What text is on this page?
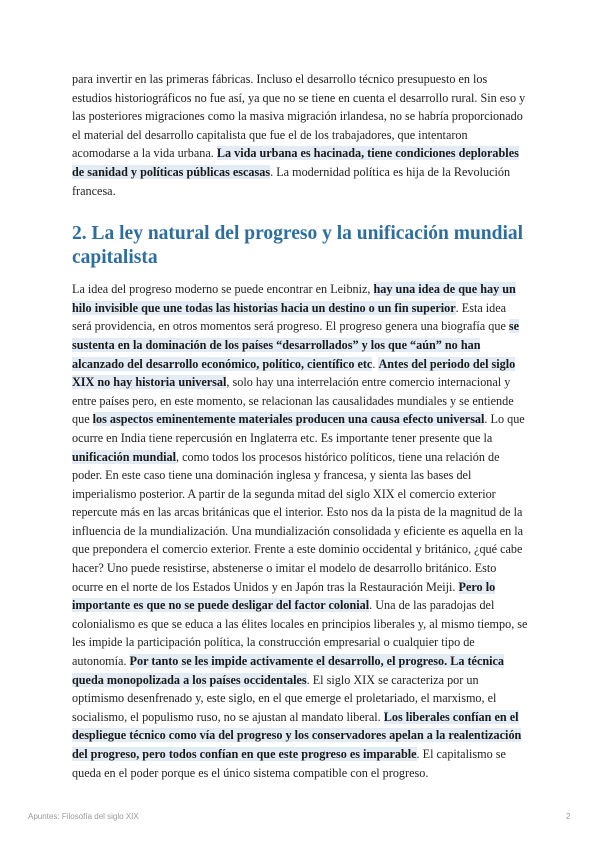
para invertir en las primeras fábricas. Incluso el desarrollo técnico presupuesto en los estudios historiográficos no fue así, ya que no se tiene en cuenta el desarrollo rural. Sin eso y las posteriores migraciones como la masiva migración irlandesa, no se habría proporcionado el material del desarrollo capitalista que fue el de los trabajadores, que intentaron acomodarse a la vida urbana. La vida urbana es hacinada, tiene condiciones deplorables de sanidad y políticas públicas escasas. La modernidad política es hija de la Revolución francesa.

2. La ley natural del progreso y la unificación mundial capitalista

La idea del progreso moderno se puede encontrar en Leibniz, hay una idea de que hay un hilo invisible que une todas las historias hacia un destino o un fin superior. Esta idea será providencia, en otros momentos será progreso. El progreso genera una biografía que se sustenta en la dominación de los países “desarrollados” y los que “aún” no han alcanzado del desarrollo económico, político, científico etc. Antes del periodo del siglo XIX no hay historia universal, solo hay una interrelación entre comercio internacional y entre países pero, en este momento, se relacionan las causalidades mundiales y se entiende que los aspectos eminentemente materiales producen una causa efecto universal. Lo que ocurre en India tiene repercusión en Inglaterra etc. Es importante tener presente que la unificación mundial, como todos los procesos histórico políticos, tiene una relación de poder. En este caso tiene una dominación inglesa y francesa, y sienta las bases del imperialismo posterior. A partir de la segunda mitad del siglo XIX el comercio exterior repercute más en las arcas británicas que el interior. Esto nos da la pista de la magnitud de la influencia de la mundialización. Una mundialización consolidada y eficiente es aquella en la que prepondera el comercio exterior. Frente a este dominio occidental y británico, ¿qué cabe hacer? Uno puede resistirse, abstenerse o imitar el modelo de desarrollo británico. Esto ocurre en el norte de los Estados Unidos y en Japón tras la Restauración Meiji. Pero lo importante es que no se puede desligar del factor colonial. Una de las paradojas del colonialismo es que se educa a las élites locales en principios liberales y, al mismo tiempo, se les impide la participación política, la construcción empresarial o cualquier tipo de autonomía. Por tanto se les impide activamente el desarrollo, el progreso. La técnica queda monopolizada a los países occidentales. El siglo XIX se caracteriza por un optimismo desenfrenado y, este siglo, en el que emerge el proletariado, el marxismo, el socialismo, el populismo ruso, no se ajustan al mandato liberal. Los liberales confían en el despliegue técnico como vía del progreso y los conservadores apelan a la realentización del progreso, pero todos confían en que este progreso es imparable. El capitalismo se queda en el poder porque es el único sistema compatible con el progreso.

Apuntes: Filosofía del siglo XIX	2
